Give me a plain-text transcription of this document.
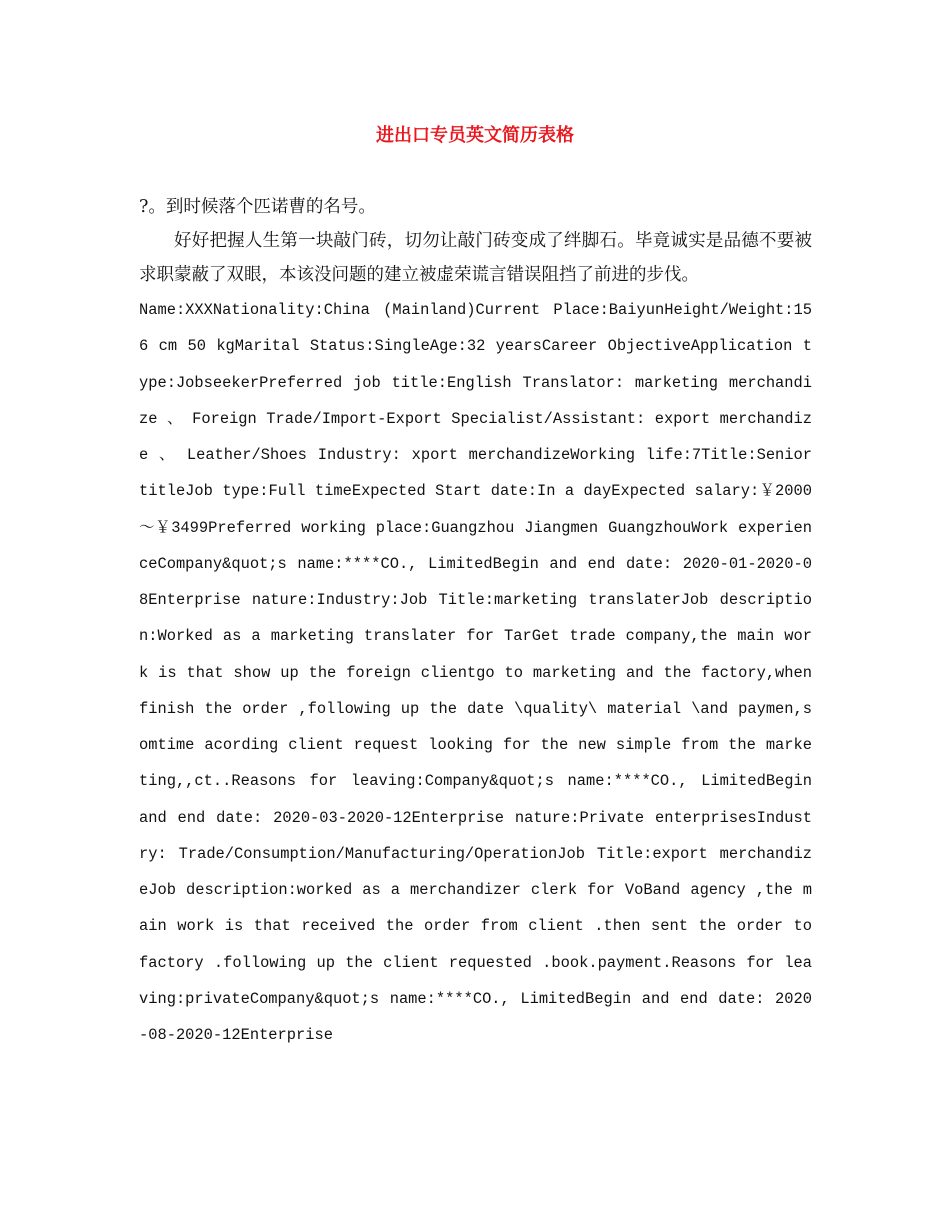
进出口专员英文简历表格

?。到时候落个匹诺曹的名号。

好好把握人生第一块敲门砖，切勿让敲门砖变成了绊脚石。毕竟诚实是品德不要被求职蒙蔽了双眼，本该没问题的建立被虚荣谎言错误阻挡了前进的步伐。

Name:XXXNationality:China (Mainland)Current Place:BaiyunHeight/Weight:156 cm 50 kgMarital Status:SingleAge:32 yearsCareer ObjectiveApplication type:JobseekerPreferred job title:English Translator: marketing merchandize 、 Foreign Trade/Import-Export Specialist/Assistant: export merchandize 、 Leather/Shoes Industry: xport merchandizeWorking life:7Title:Senior titleJob type:Full timeExpected Start date:In a dayExpected salary:￥2000～￥3499Preferred working place:Guangzhou Jiangmen GuangzhouWork experienceCompany&quot;s name:****CO., LimitedBegin and end date: 2020-01-2020-08Enterprise nature:Industry:Job Title:marketing translaterJob description:Worked as a marketing translater for TarGet trade company,the main work is that show up the foreign clientgo to marketing and the factory,when finish the order ,following up the date \quality\ material \and paymen,somtime acording client request looking for the new simple from the marketing,,ct..Reasons for leaving:Company&quot;s name:****CO., LimitedBegin and end date: 2020-03-2020-12Enterprise nature:Private enterprisesIndustry: Trade/Consumption/Manufacturing/OperationJob Title:export merchandizeJob description:worked as a merchandizer clerk for VoBand agency ,the main work is that received the order from client .then sent the order to factory .following up the client requested .book.payment.Reasons for leaving:privateCompany&quot;s name:****CO., LimitedBegin and end date: 2020-08-2020-12Enterprise
